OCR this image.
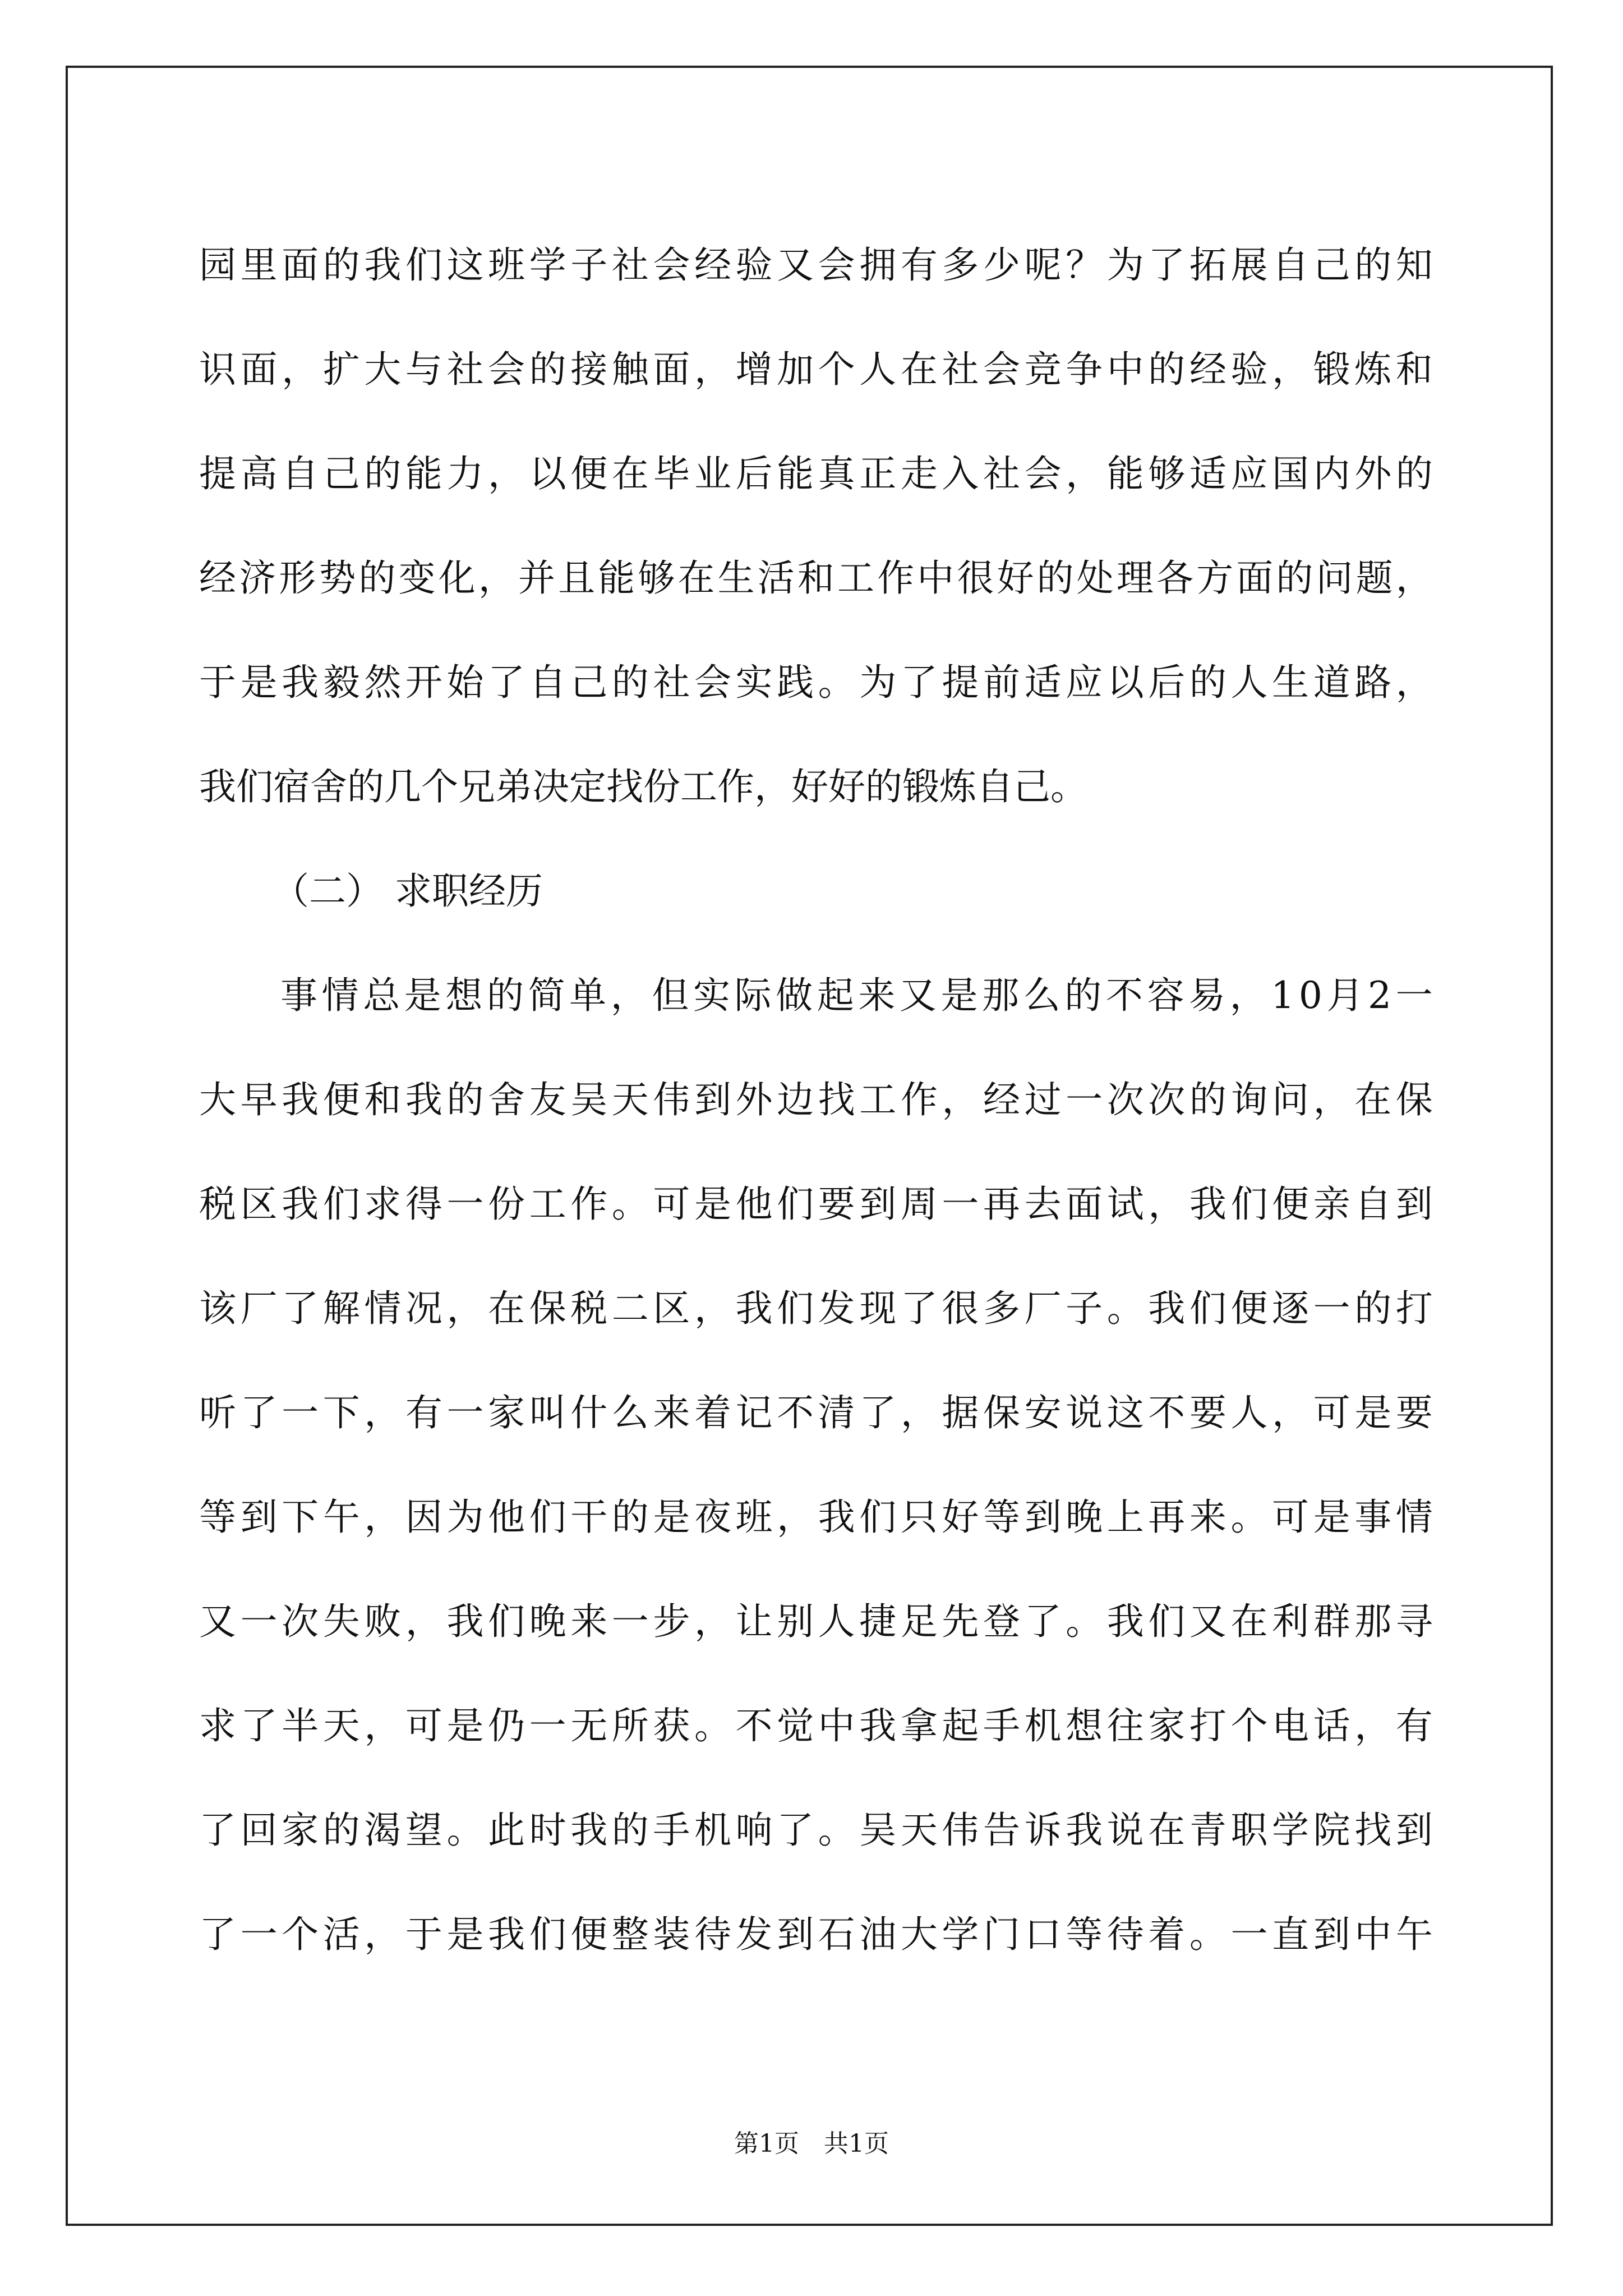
园 里 面 的 我 们 这 班 学 子 社 会 经 验 又 会 拥 有 多 少 呢 ？ 为 了 拓 展 自 己 的 知
识 面 ， 扩 大 与 社 会 的 接 触 面 ， 增 加 个 人 在 社 会 竞 争 中 的 经 验 ， 锻 炼 和
提 高 自 己 的 能 力 ， 以 便 在 毕 业 后 能 真 正 走 入 社 会 ， 能 够 适 应 国 内 外 的
经 济 形 势 的 变 化 ， 并 且 能 够 在 生 活 和 工 作 中 很 好 的 处 理 各 方 面 的 问 题 ，
于 是 我 毅 然 开 始 了 自 己 的 社 会 实 践 。 为 了 提 前 适 应 以 后 的 人 生 道 路 ，
我 们 宿 舍 的 几 个 兄 弟 决 定 找 份 工 作 ， 好 好 的 锻 炼 自 己 。
（二） 求职经历
事 情 总 是 想 的 简 单 ， 但 实 际 做 起 来 又 是 那 么 的 不 容 易 ， 1 0 月 2 一
大 早 我 便 和 我 的 舍 友 吴 天 伟 到 外 边 找 工 作 ， 经 过 一 次 次 的 询 问 ， 在 保
税 区 我 们 求 得 一 份 工 作 。 可 是 他 们 要 到 周 一 再 去 面 试 ， 我 们 便 亲 自 到
该 厂 了 解 情 况 ， 在 保 税 二 区 ， 我 们 发 现 了 很 多 厂 子 。 我 们 便 逐 一 的 打
听 了 一 下 ， 有 一 家 叫 什 么 来 着 记 不 清 了 ， 据 保 安 说 这 不 要 人 ， 可 是 要
等 到 下 午 ， 因 为 他 们 干 的 是 夜 班 ， 我 们 只 好 等 到 晚 上 再 来 。 可 是 事 情
又 一 次 失 败 ， 我 们 晚 来 一 步 ， 让 别 人 捷 足 先 登 了 。 我 们 又 在 利 群 那 寻
求 了 半 天 ， 可 是 仍 一 无 所 获 。 不 觉 中 我 拿 起 手 机 想 往 家 打 个 电 话 ， 有
了 回 家 的 渴 望 。 此 时 我 的 手 机 响 了 。 吴 天 伟 告 诉 我 说 在 青 职 学 院 找 到
了 一 个 活 ， 于 是 我 们 便 整 装 待 发 到 石 油 大 学 门 口 等 待 着 。 一 直 到 中 午
第1页　共1页
